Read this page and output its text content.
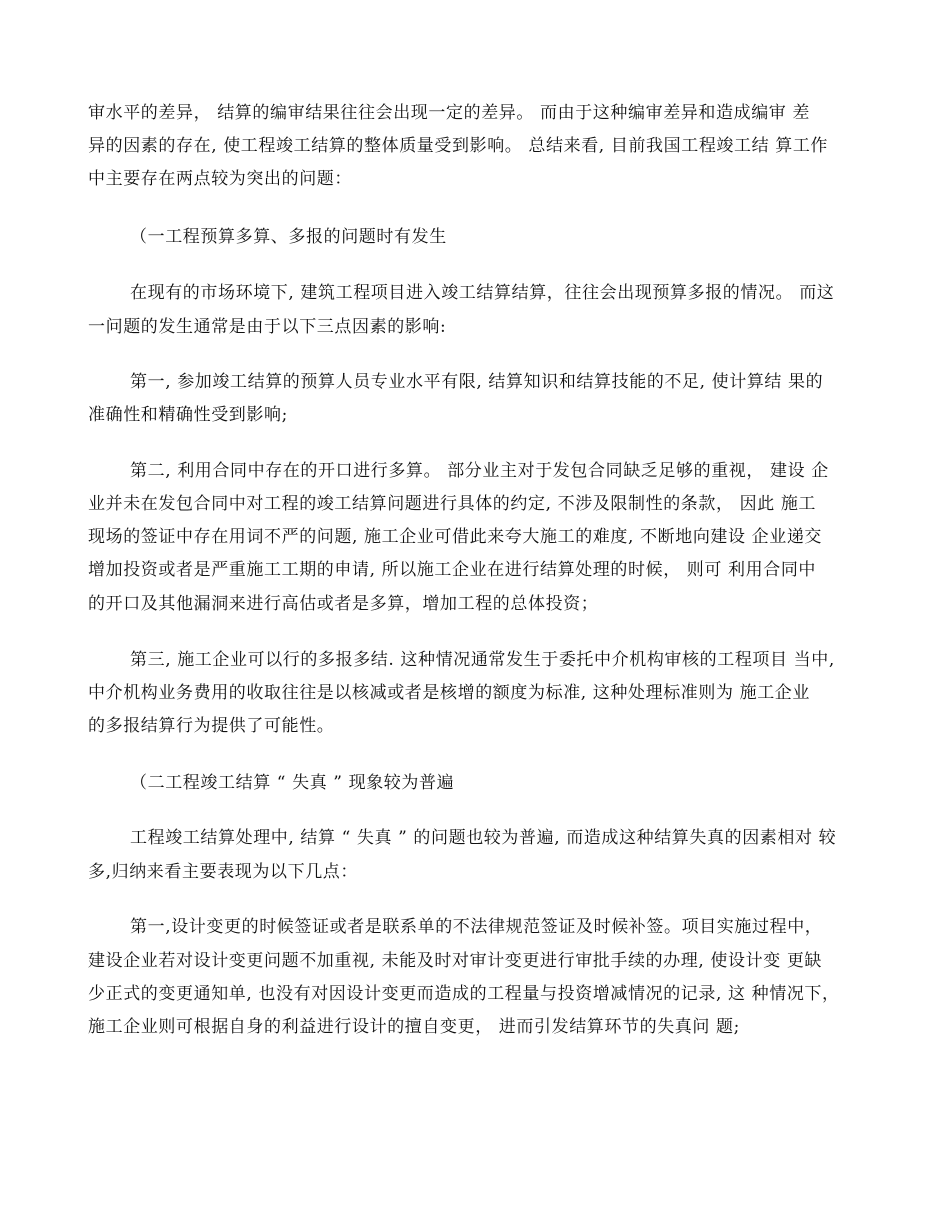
审水平的差异， 结算的编审结果往往会出现一定的差异。 而由于这种编审差异和造成编审 差
异的因素的存在, 使工程竣工结算的整体质量受到影响。 总结来看, 目前我国工程竣工结 算工作
中主要存在两点较为突出的问题：
（一工程预算多算、多报的问题时有发生
在现有的市场环境下, 建筑工程项目进入竣工结算结算，往往会出现预算多报的情况。 而这
一问题的发生通常是由于以下三点因素的影响:
第一, 参加竣工结算的预算人员专业水平有限, 结算知识和结算技能的不足, 使计算结 果的
准确性和精确性受到影响;
第二, 利用合同中存在的开口进行多算。 部分业主对于发包合同缺乏足够的重视， 建设 企
业并未在发包合同中对工程的竣工结算问题进行具体的约定, 不涉及限制性的条款， 因此 施工
现场的签证中存在用词不严的问题, 施工企业可借此来夸大施工的难度, 不断地向建设 企业递交
增加投资或者是严重施工工期的申请, 所以施工企业在进行结算处理的时候， 则可 利用合同中
的开口及其他漏洞来进行高估或者是多算，增加工程的总体投资；
第三, 施工企业可以行的多报多结. 这种情况通常发生于委托中介机构审核的工程项目 当中,
中介机构业务费用的收取往往是以核减或者是核增的额度为标准, 这种处理标准则为 施工企业
的多报结算行为提供了可能性。
（二工程竣工结算 “ 失真 ” 现象较为普遍
工程竣工结算处理中, 结算 “ 失真 ” 的问题也较为普遍, 而造成这种结算失真的因素相对 较
多,归纳来看主要表现为以下几点：
第一,设计变更的时候签证或者是联系单的不法律规范签证及时候补签。项目实施过程中，
建设企业若对设计变更问题不加重视, 未能及时对审计变更进行审批手续的办理, 使设计变 更缺
少正式的变更通知单, 也没有对因设计变更而造成的工程量与投资增减情况的记录, 这 种情况下，
施工企业则可根据自身的利益进行设计的擅自变更， 进而引发结算环节的失真问 题;
